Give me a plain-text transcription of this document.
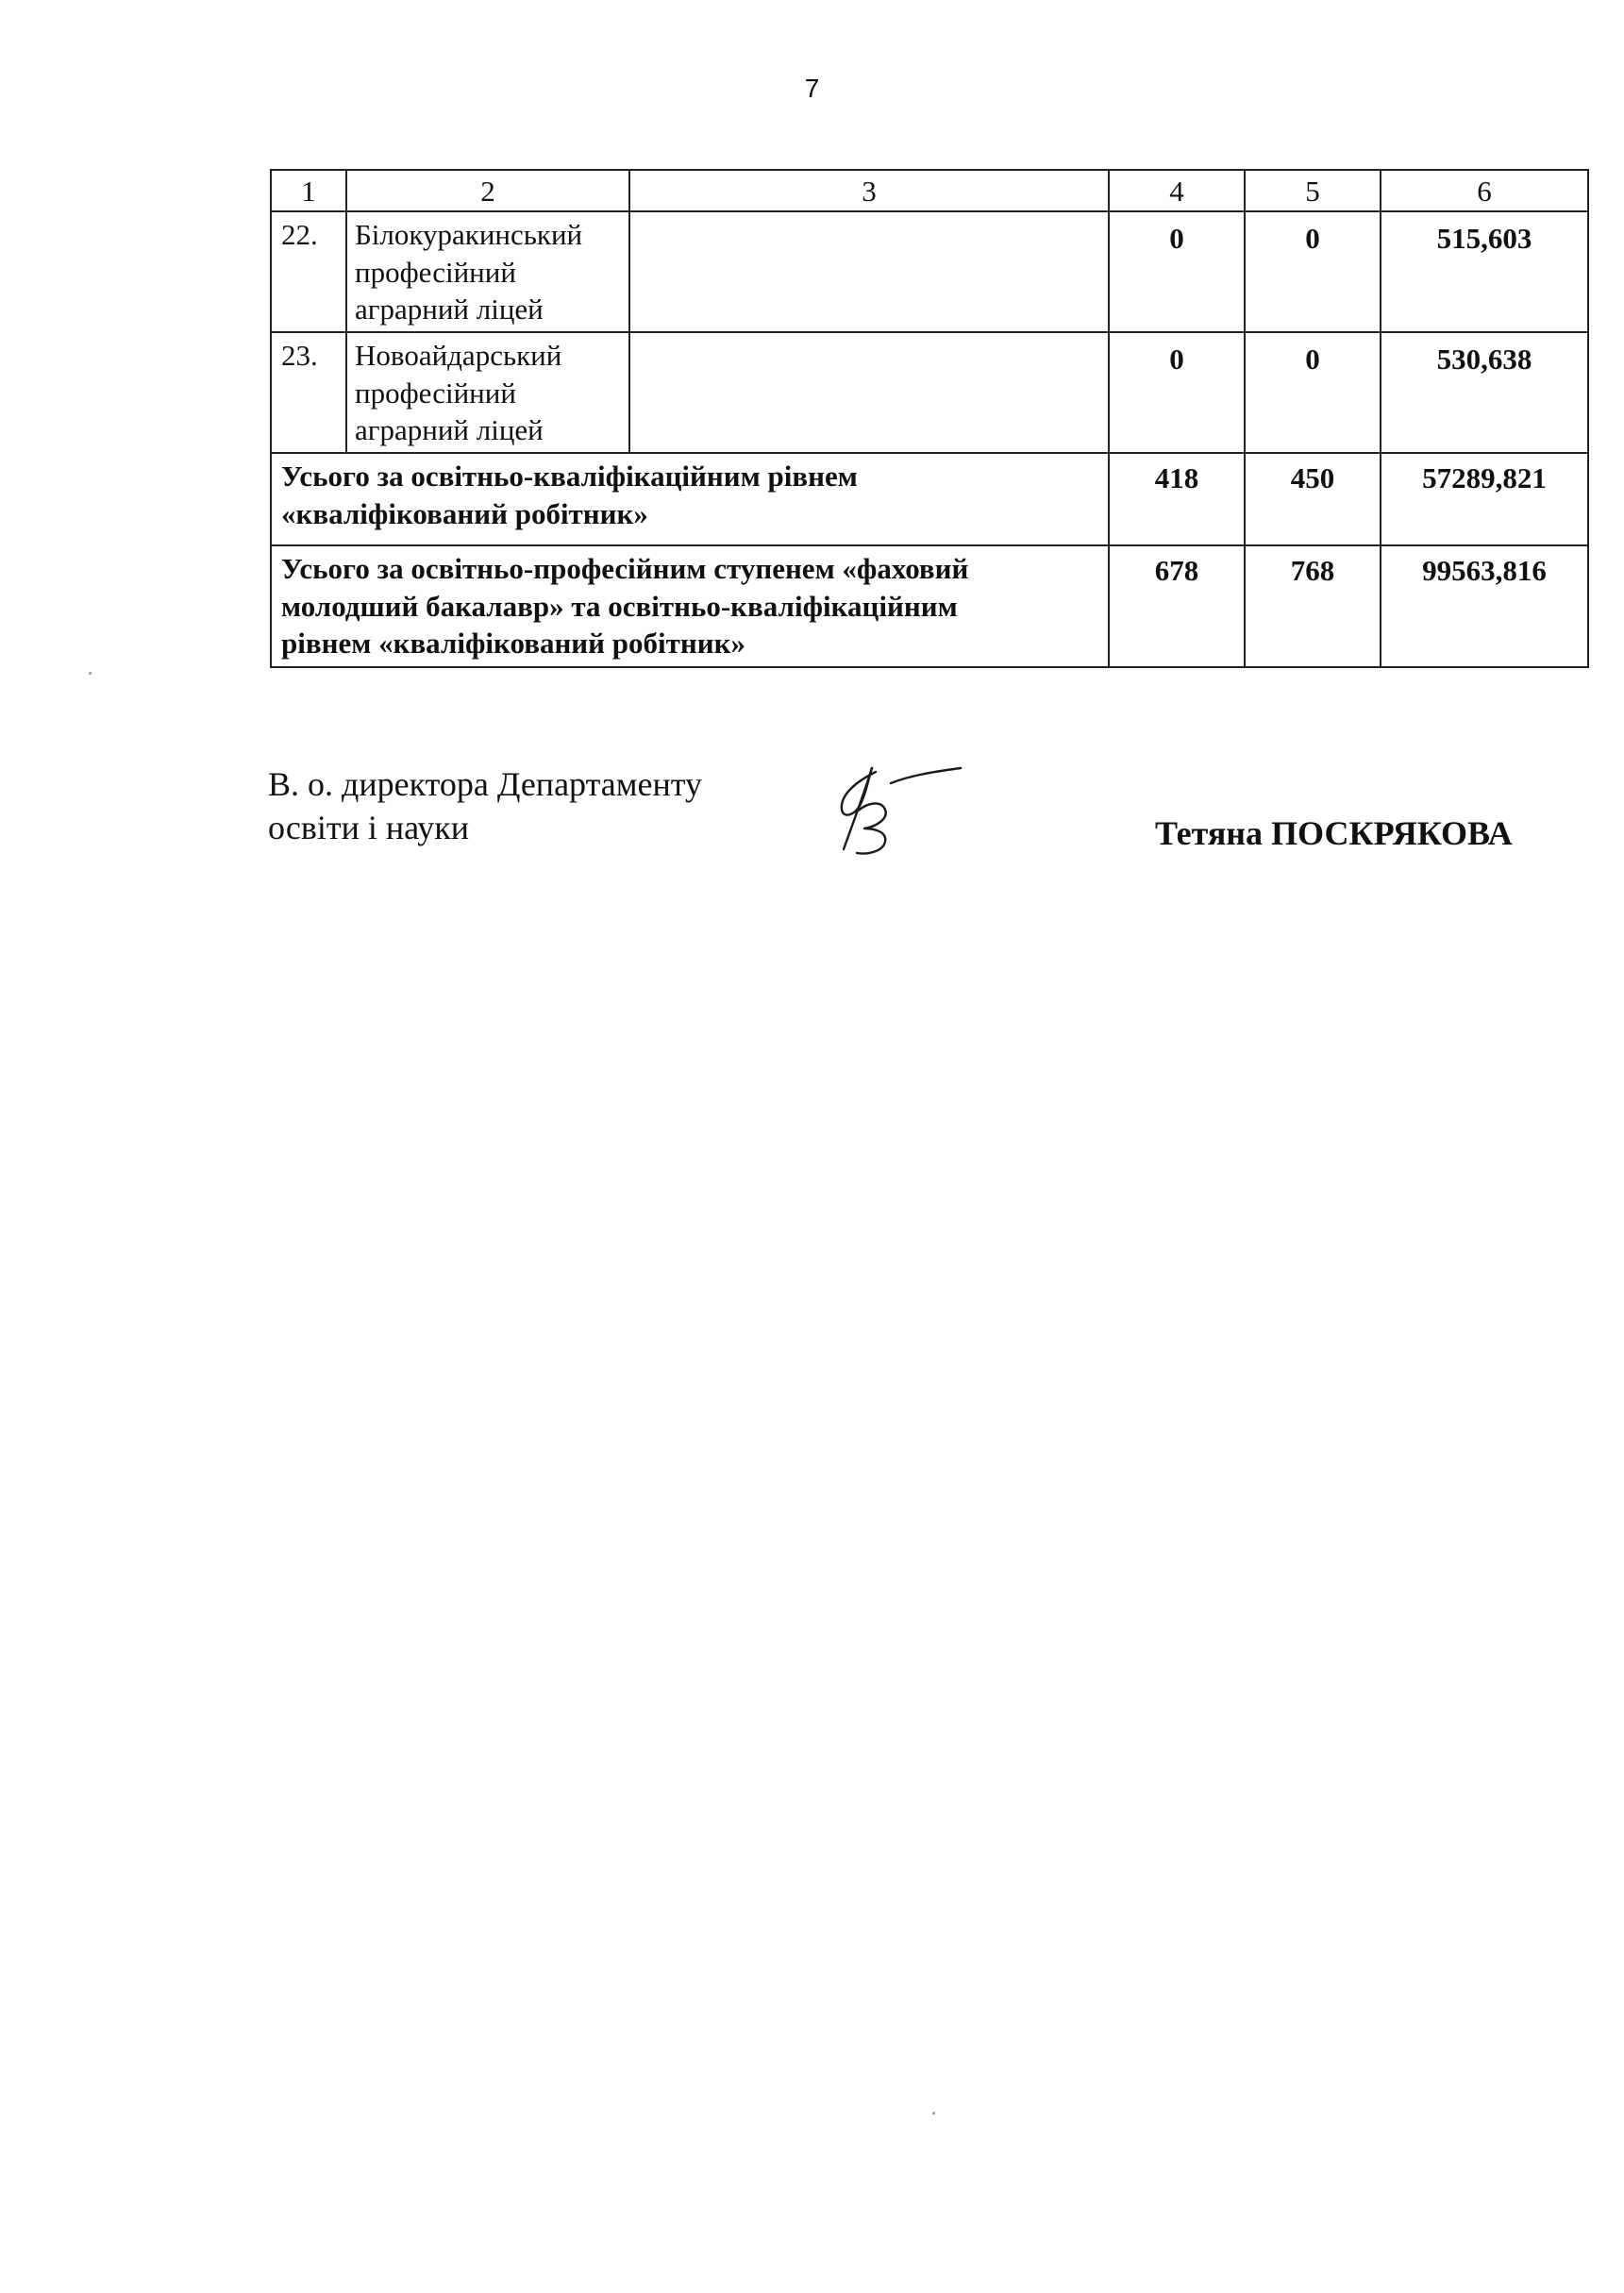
7
1	2	3	4	5	6
22.	Білокуракинський
професійний
аграрний ліцей		0	0	515,603
23.	Новоайдарський
професійний
аграрний ліцей		0	0	530,638

Усього за освітньо-кваліфікаційним рівнем
«кваліфікований робітник»			418	450	57289,821

Усього за освітньо-професійним ступенем «фаховий
молодший бакалавр» та освітньо-кваліфікаційним
рівнем «кваліфікований робітник»			678	768	99563,816
В. о. директора Департаменту
освіти і науки	Тетяна ПОСКРЯКОВА
